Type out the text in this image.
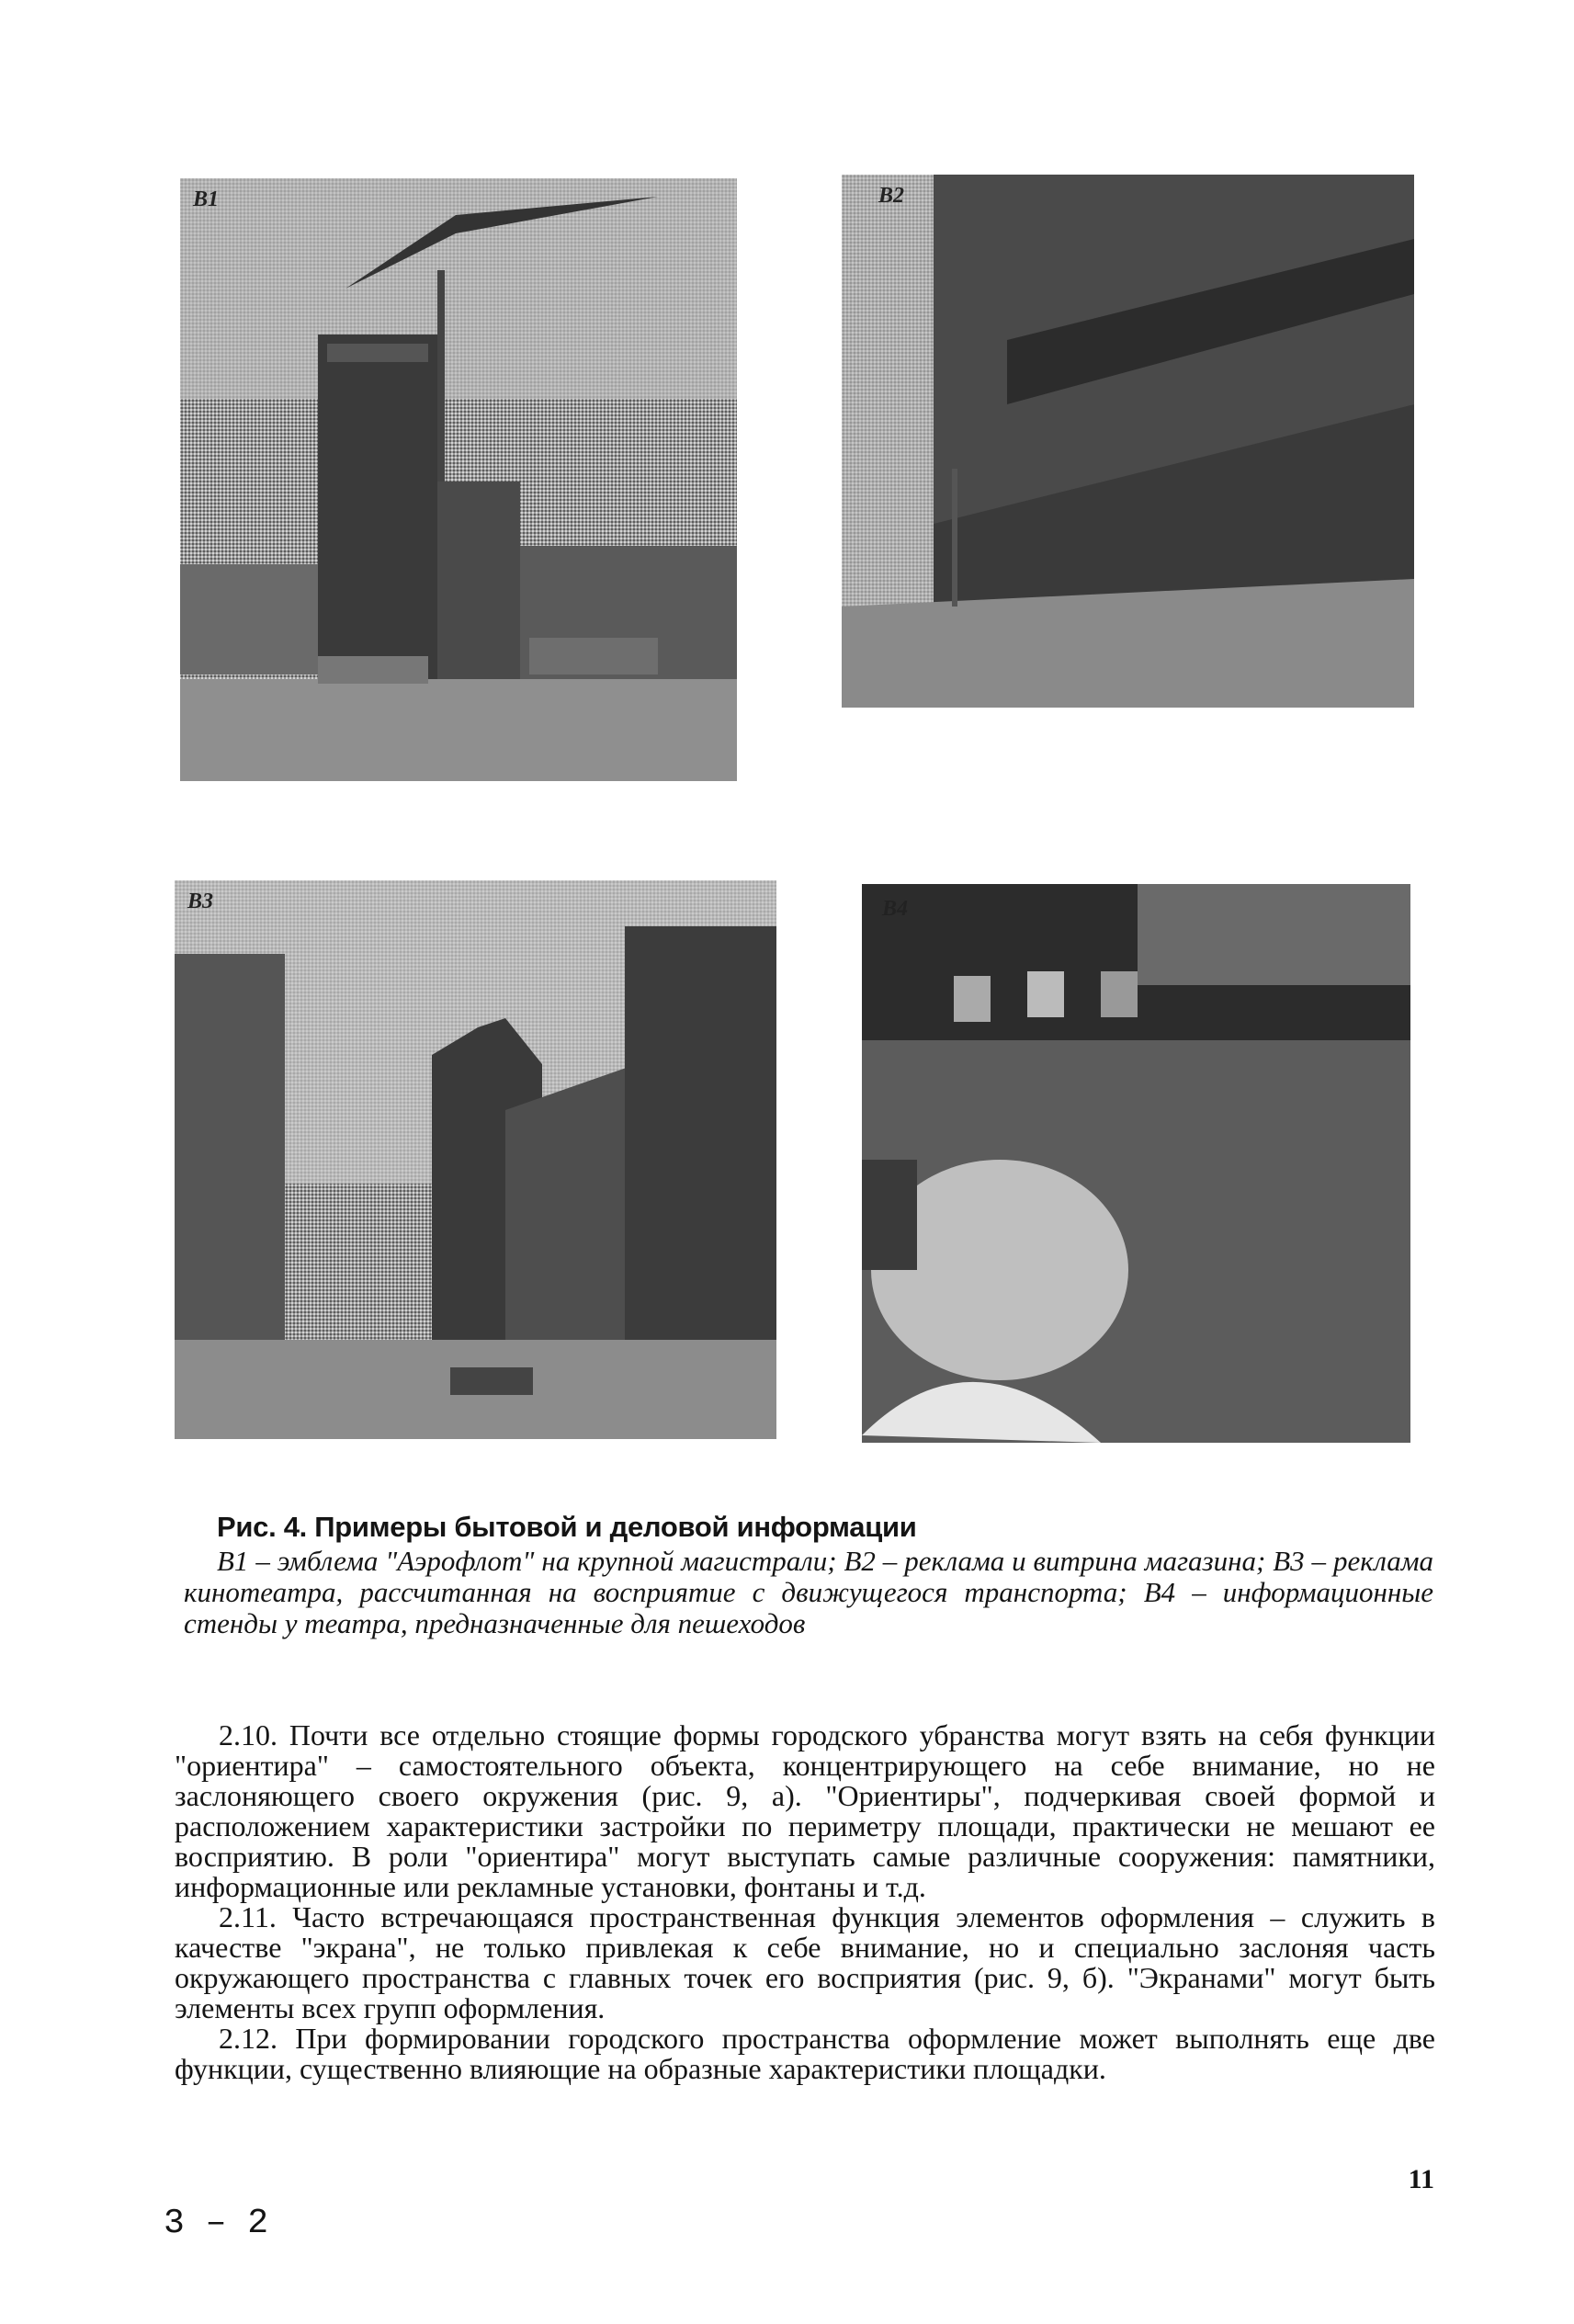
B1	B2
B3	B4
Рис. 4. Примеры бытовой и деловой информации

B1 – эмблема "Аэрофлот" на крупной магистрали; B2 – реклама и витрина магазина; B3 – реклама кинотеатра, рассчитанная на восприятие с движущегося транспорта; B4 – информационные стенды у театра, предназначенные для пешеходов

2.10. Почти все отдельно стоящие формы городского убранства могут взять на себя функции "ориентира" – самостоятельного объекта, концентрирующего на себе внимание, но не заслоняющего своего окружения (рис. 9, а). "Ориентиры", подчеркивая своей формой и расположением характеристики застройки по периметру площади, практически не мешают ее восприятию. В роли "ориентира" могут выступать самые различные сооружения: памятники, информационные или рекламные установки, фонтаны и т.д.

2.11. Часто встречающаяся пространственная функция элементов оформления – служить в качестве "экрана", не только привлекая к себе внимание, но и специально заслоняя часть окружающего пространства с главных точек его восприятия (рис. 9, б). "Экранами" могут быть элементы всех групп оформления.

2.12. При формировании городского пространства оформление может выполнять еще две функции, существенно влияющие на образные характеристики площадки.

11
3 – 2
